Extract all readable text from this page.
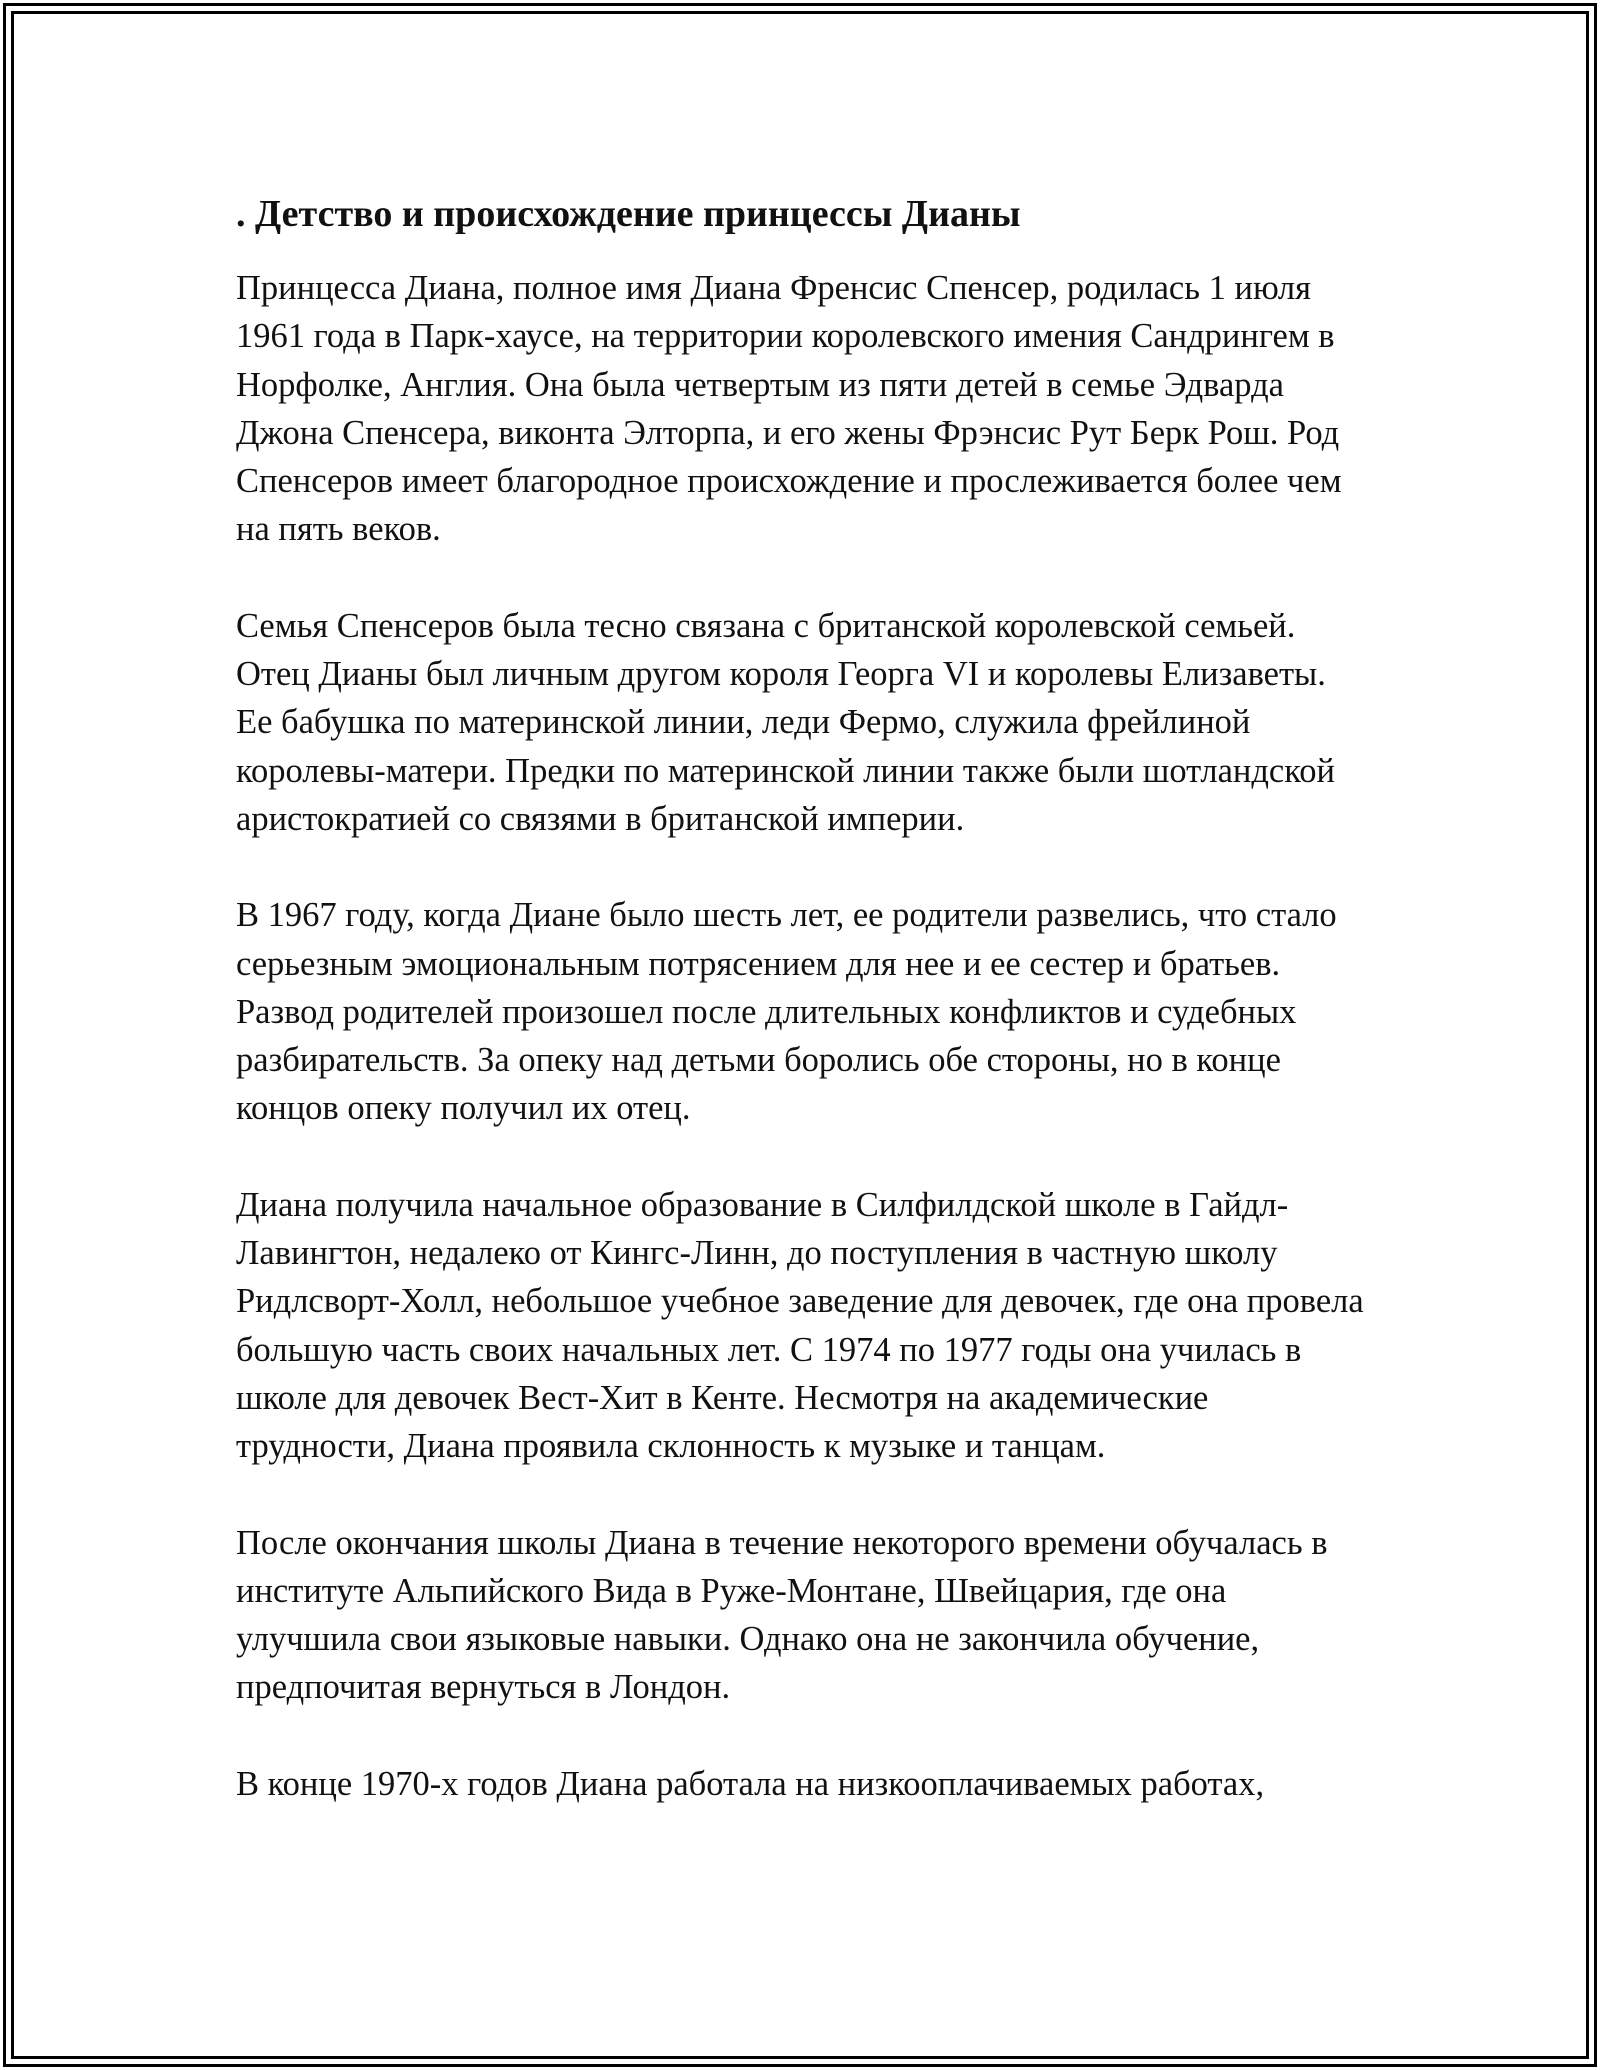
. Детство и происхождение принцессы Дианы

Принцесса Диана, полное имя Диана Френсис Спенсер, родилась 1 июля 1961 года в Парк-хаусе, на территории королевского имения Сандрингем в Норфолке, Англия. Она была четвертым из пяти детей в семье Эдварда Джона Спенсера, виконта Элторпа, и его жены Фрэнсис Рут Берк Рош. Род Спенсеров имеет благородное происхождение и прослеживается более чем на пять веков.

Семья Спенсеров была тесно связана с британской королевской семьей. Отец Дианы был личным другом короля Георга VI и королевы Елизаветы. Ее бабушка по материнской линии, леди Фермо, служила фрейлиной королевы-матери. Предки по материнской линии также были шотландской аристократией со связями в британской империи.

В 1967 году, когда Диане было шесть лет, ее родители развелись, что стало серьезным эмоциональным потрясением для нее и ее сестер и братьев. Развод родителей произошел после длительных конфликтов и судебных разбирательств. За опеку над детьми боролись обе стороны, но в конце концов опеку получил их отец.

Диана получила начальное образование в Силфилдской школе в Гайдл-Лавингтон, недалеко от Кингс-Линн, до поступления в частную школу Ридлсворт-Холл, небольшое учебное заведение для девочек, где она провела большую часть своих начальных лет. С 1974 по 1977 годы она училась в школе для девочек Вест-Хит в Кенте. Несмотря на академические трудности, Диана проявила склонность к музыке и танцам.

После окончания школы Диана в течение некоторого времени обучалась в институте Альпийского Вида в Руже-Монтане, Швейцария, где она улучшила свои языковые навыки. Однако она не закончила обучение, предпочитая вернуться в Лондон.

В конце 1970-х годов Диана работала на низкооплачиваемых работах,
